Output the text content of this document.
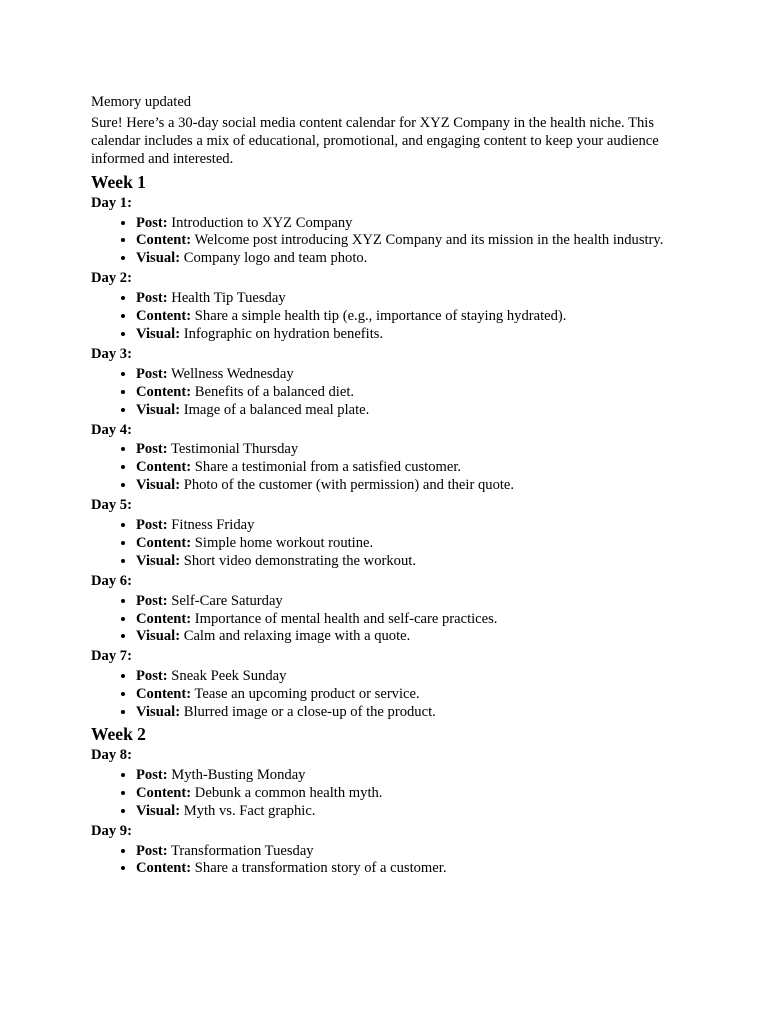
Memory updated

Sure! Here’s a 30-day social media content calendar for XYZ Company in the health niche. This calendar includes a mix of educational, promotional, and engaging content to keep your audience informed and interested.

Week 1

Day 1:

• Post: Introduction to XYZ Company
• Content: Welcome post introducing XYZ Company and its mission in the health industry.
• Visual: Company logo and team photo.

Day 2:

• Post: Health Tip Tuesday
• Content: Share a simple health tip (e.g., importance of staying hydrated).
• Visual: Infographic on hydration benefits.

Day 3:

• Post: Wellness Wednesday
• Content: Benefits of a balanced diet.
• Visual: Image of a balanced meal plate.

Day 4:

• Post: Testimonial Thursday
• Content: Share a testimonial from a satisfied customer.
• Visual: Photo of the customer (with permission) and their quote.

Day 5:

• Post: Fitness Friday
• Content: Simple home workout routine.
• Visual: Short video demonstrating the workout.

Day 6:

• Post: Self-Care Saturday
• Content: Importance of mental health and self-care practices.
• Visual: Calm and relaxing image with a quote.

Day 7:

• Post: Sneak Peek Sunday
• Content: Tease an upcoming product or service.
• Visual: Blurred image or a close-up of the product.
Week 2

Day 8:

• Post: Myth-Busting Monday
• Content: Debunk a common health myth.
• Visual: Myth vs. Fact graphic.

Day 9:

• Post: Transformation Tuesday
• Content: Share a transformation story of a customer.
